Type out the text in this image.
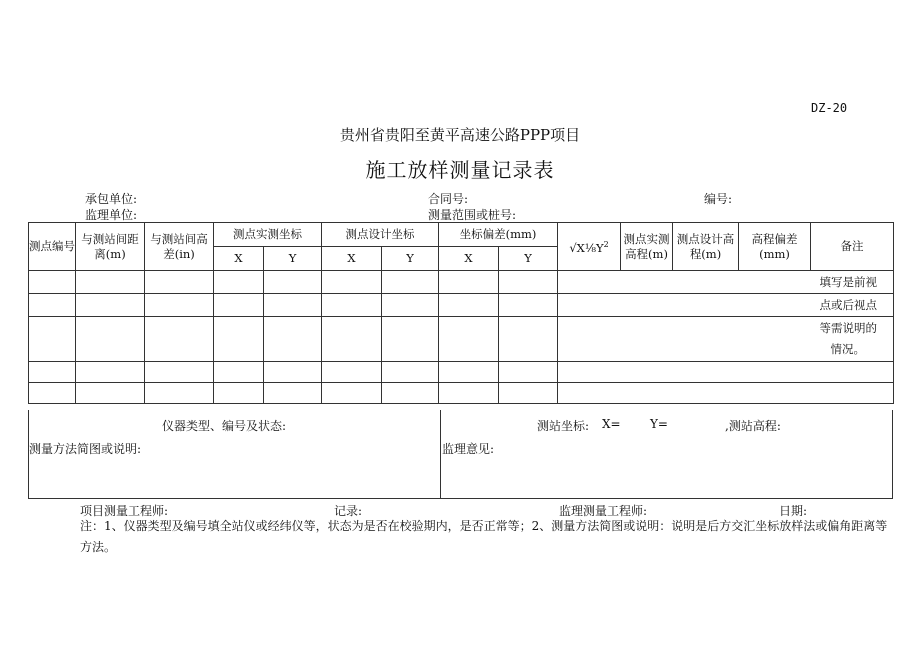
DZ-20
贵州省贵阳至黄平高速公路PPP项目
施工放样测量记录表
承包单位:
监理单位:
合同号:
测量范围或桩号:
编号:
测点编号	与测站间距离(m)	与测站间高差(in)	测点实测坐标		测点设计坐标		坐标偏差(mm)		$√X\frac{1}{8}Y^2$	测点实测高程(m)	测点设计高程(m)	高程偏差(mm)	备注
			X	Y	X	Y	X	Y					
									填写是前视				
									点或后视点				

									等需说明的
情况。				

仪器类型、编号及状态:
测量方法简图或说明:
测站坐标: X= Y=	,测站高程:
监理意见:
项目测量工程师:	记录:	监理测量工程师:	日期:
注：1、仪器类型及编号填全站仪或经纬仪等，状态为是否在校验期内，是否正常等；2、测量方法简图或说明：说明是后方交汇坐标放样法或偏角距离等方法。
